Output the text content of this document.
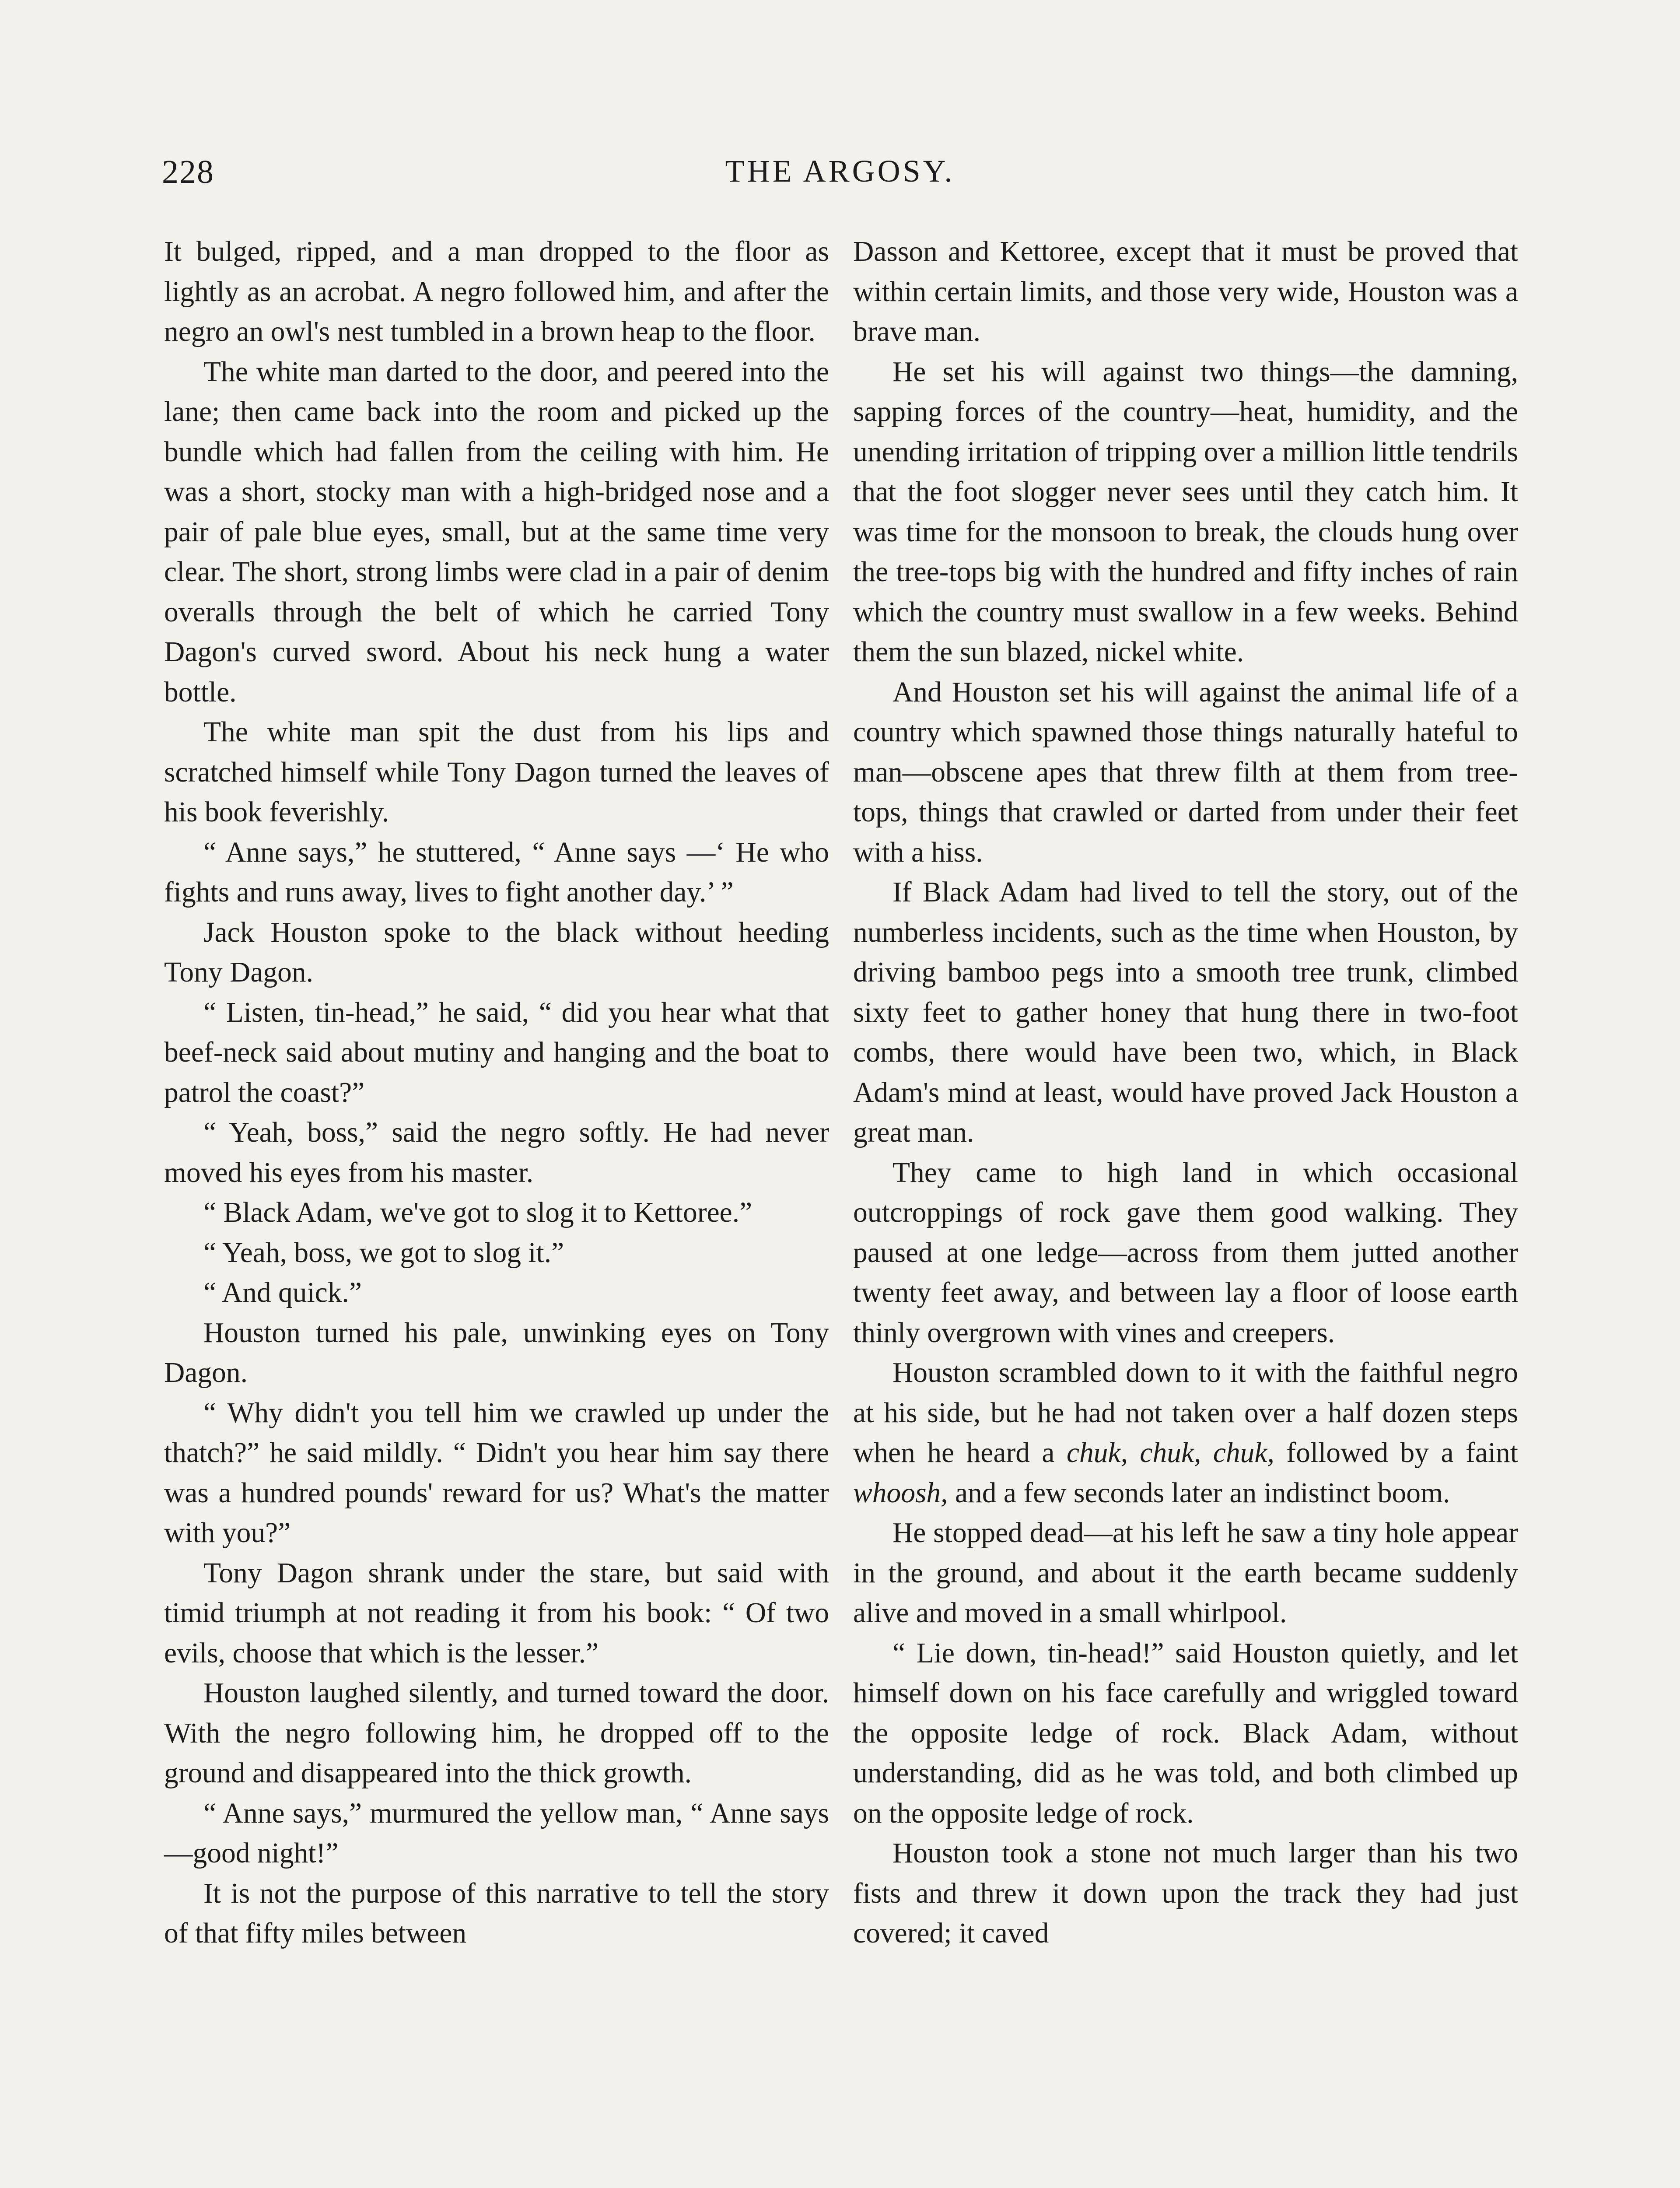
228	THE ARGOSY.

It bulged, ripped, and a man dropped to the floor as lightly as an acrobat. A negro followed him, and after the negro an owl's nest tumbled in a brown heap to the floor.

The white man darted to the door, and peered into the lane; then came back into the room and picked up the bundle which had fallen from the ceiling with him. He was a short, stocky man with a high-bridged nose and a pair of pale blue eyes, small, but at the same time very clear. The short, strong limbs were clad in a pair of denim overalls through the belt of which he carried Tony Dagon's curved sword. About his neck hung a water bottle.

The white man spit the dust from his lips and scratched himself while Tony Dagon turned the leaves of his book feverishly.

“ Anne says,” he stuttered, “ Anne says —‘ He who fights and runs away, lives to fight another day.’ ”

Jack Houston spoke to the black without heeding Tony Dagon.

“ Listen, tin-head,” he said, “ did you hear what that beef-neck said about mutiny and hanging and the boat to patrol the coast?”

“ Yeah, boss,” said the negro softly. He had never moved his eyes from his master.

“ Black Adam, we've got to slog it to Kettoree.”

“ Yeah, boss, we got to slog it.”

“ And quick.”

Houston turned his pale, unwinking eyes on Tony Dagon.

“ Why didn't you tell him we crawled up under the thatch?” he said mildly. “ Didn't you hear him say there was a hundred pounds' reward for us? What's the matter with you?”

Tony Dagon shrank under the stare, but said with timid triumph at not reading it from his book: “ Of two evils, choose that which is the lesser.”

Houston laughed silently, and turned toward the door. With the negro following him, he dropped off to the ground and disappeared into the thick growth.

“ Anne says,” murmured the yellow man, “ Anne says—good night!”

It is not the purpose of this narrative to tell the story of that fifty miles between

Dasson and Kettoree, except that it must be proved that within certain limits, and those very wide, Houston was a brave man.

He set his will against two things—the damning, sapping forces of the country—heat, humidity, and the unending irritation of tripping over a million little tendrils that the foot slogger never sees until they catch him. It was time for the monsoon to break, the clouds hung over the tree-tops big with the hundred and fifty inches of rain which the country must swallow in a few weeks. Behind them the sun blazed, nickel white.

And Houston set his will against the animal life of a country which spawned those things naturally hateful to man—obscene apes that threw filth at them from tree-tops, things that crawled or darted from under their feet with a hiss.

If Black Adam had lived to tell the story, out of the numberless incidents, such as the time when Houston, by driving bamboo pegs into a smooth tree trunk, climbed sixty feet to gather honey that hung there in two-foot combs, there would have been two, which, in Black Adam's mind at least, would have proved Jack Houston a great man.

They came to high land in which occasional outcroppings of rock gave them good walking. They paused at one ledge—across from them jutted another twenty feet away, and between lay a floor of loose earth thinly overgrown with vines and creepers.

Houston scrambled down to it with the faithful negro at his side, but he had not taken over a half dozen steps when he heard a chuk, chuk, chuk, followed by a faint whoosh, and a few seconds later an indistinct boom.

He stopped dead—at his left he saw a tiny hole appear in the ground, and about it the earth became suddenly alive and moved in a small whirlpool.

“ Lie down, tin-head!” said Houston quietly, and let himself down on his face carefully and wriggled toward the opposite ledge of rock. Black Adam, without understanding, did as he was told, and both climbed up on the opposite ledge of rock.

Houston took a stone not much larger than his two fists and threw it down upon the track they had just covered; it caved
